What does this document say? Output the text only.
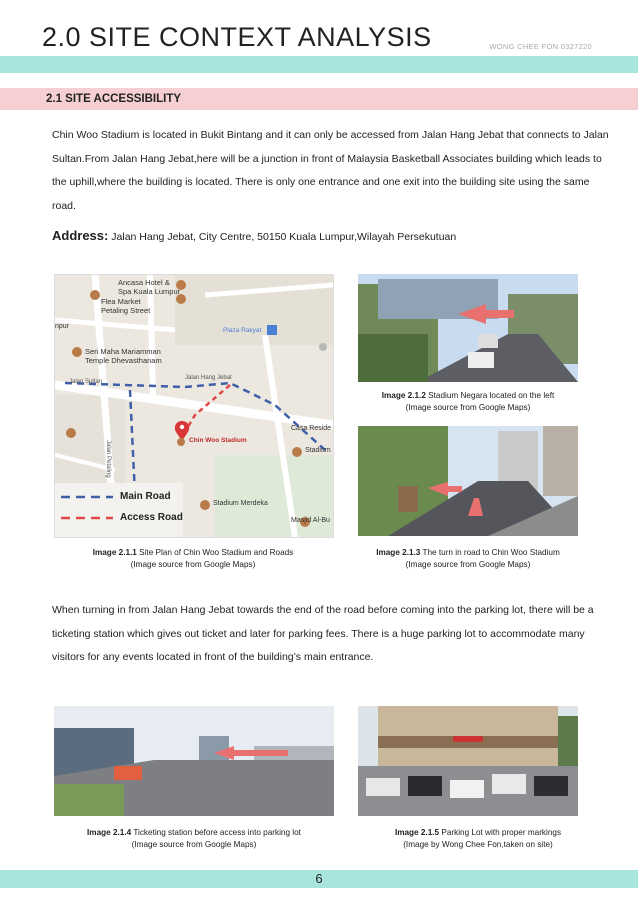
2.0 SITE CONTEXT ANALYSIS	WONG CHEE FON 0327220
2.1 SITE ACCESSIBILITY
Chin Woo Stadium is located in Bukit Bintang and it can only be accessed from Jalan Hang Jebat that connects to Jalan Sultan.From Jalan Hang Jebat,here will be a junction in front of Malaysia Basketball Associates building which leads to the uphill,where the building is located. There is only one entrance and one exit into the building site using the same road.
Address: Jalan Hang Jebat, City Centre, 50150 Kuala Lumpur,Wilayah Persekutuan
Ancasa Hotel &
Spa Kuala Lumpur
Flea Market
Petaling Street
Plaza Rakyat
npur
Seri Maha Mariamman
Temple Dhevasthanam
Jalan Sultan
Jalan Hang Jebat
Jalan Petaling	Chin Woo Stadium
Casa Reside
Stadium
Stadium Merdeka
Masjid Al-Bu
Main Road
Access Road
Image 2.1.2 Stadium Negara located on the left
(Image source from Google Maps)
Image 2.1.1 Site Plan of Chin Woo Stadium and Roads
(Image source from Google Maps)
Image 2.1.3 The turn in road to Chin Woo Stadium
(Image source from Google Maps)
When turning in from Jalan Hang Jebat towards the end of the road before coming into the parking lot, there will be a ticketing station which gives out ticket and later for parking fees. There is a huge parking lot to accommodate many visitors for any events located in front of the building’s main entrance.
Image 2.1.4 Ticketing station before access into parking lot
(Image source from Google Maps)
Image 2.1.5 Parking Lot with proper markings
(Image by Wong Chee Fon,taken on site)
6
